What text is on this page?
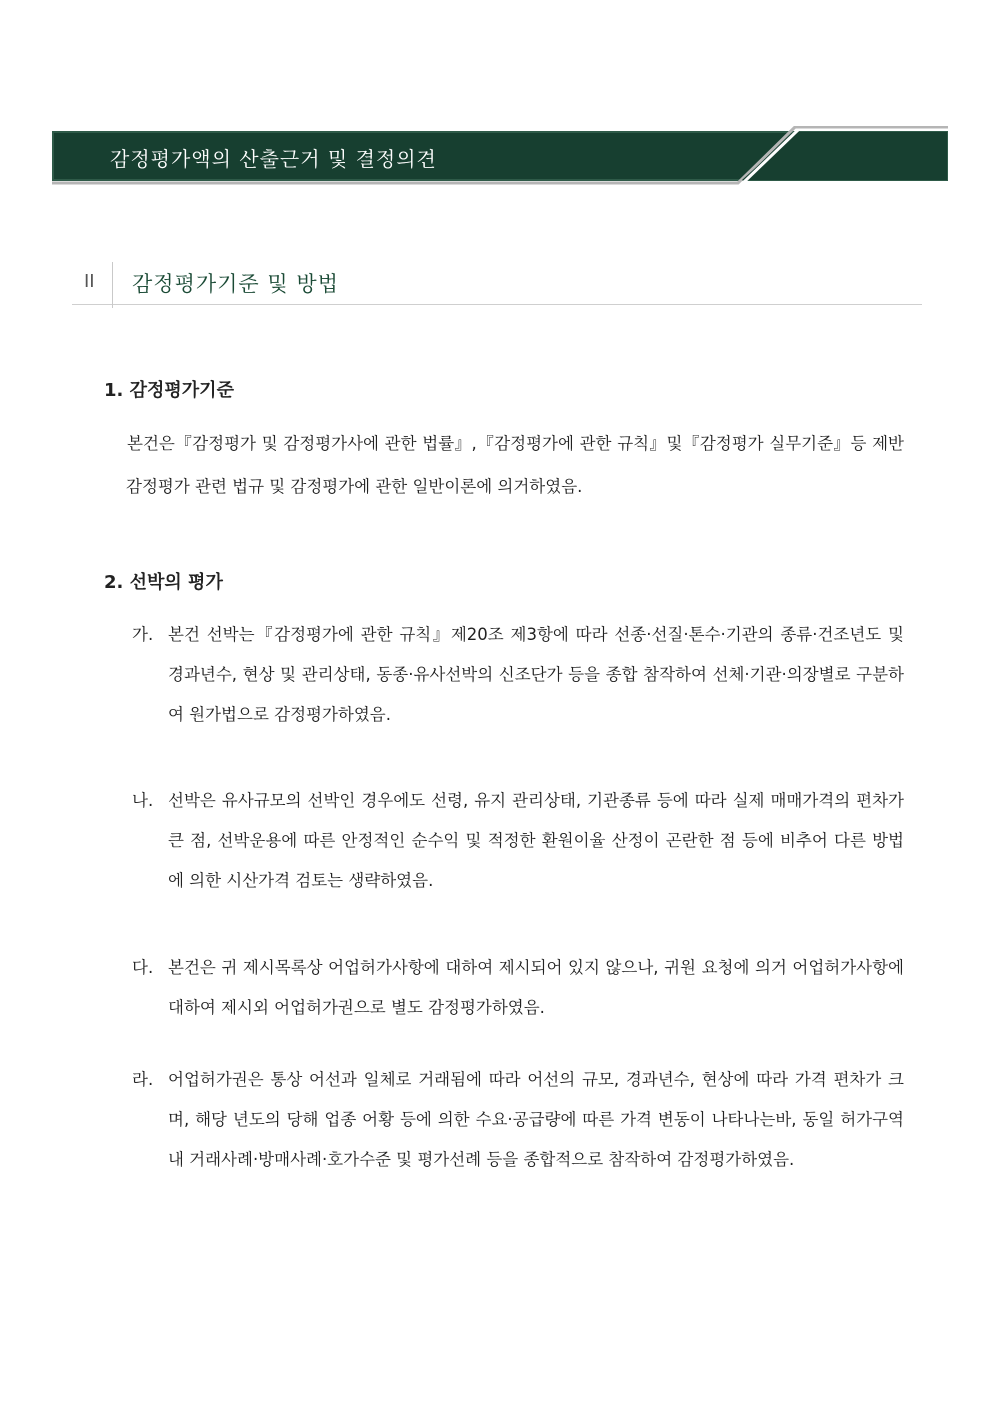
감정평가액의 산출근거 및 결정의견
II 감정평가기준 및 방법
1. 감정평가기준

본건은『감정평가 및 감정평가사에 관한 법률』,『감정평가에 관한 규칙』및『감정평가 실무기준』등 제반 감정평가 관련 법규 및 감정평가에 관한 일반이론에 의거하였음.

2. 선박의 평가
가. 본건 선박는『감정평가에 관한 규칙』제20조 제3항에 따라 선종·선질·톤수·기관의 종류·건조년도 및 경과년수, 현상 및 관리상태, 동종·유사선박의 신조단가 등을 종합 참작하여 선체·기관·의장별로 구분하여 원가법으로 감정평가하였음.
나. 선박은 유사규모의 선박인 경우에도 선령, 유지 관리상태, 기관종류 등에 따라 실제 매매가격의 편차가 큰 점, 선박운용에 따른 안정적인 순수익 및 적정한 환원이율 산정이 곤란한 점 등에 비추어 다른 방법에 의한 시산가격 검토는 생략하였음.
다. 본건은 귀 제시목록상 어업허가사항에 대하여 제시되어 있지 않으나, 귀원 요청에 의거 어업허가사항에 대하여 제시외 어업허가권으로 별도 감정평가하였음.
라. 어업허가권은 통상 어선과 일체로 거래됨에 따라 어선의 규모, 경과년수, 현상에 따라 가격 편차가 크며, 해당 년도의 당해 업종 어황 등에 의한 수요·공급량에 따른 가격 변동이 나타나는바, 동일 허가구역 내 거래사례·방매사례·호가수준 및 평가선례 등을 종합적으로 참작하여 감정평가하였음.
